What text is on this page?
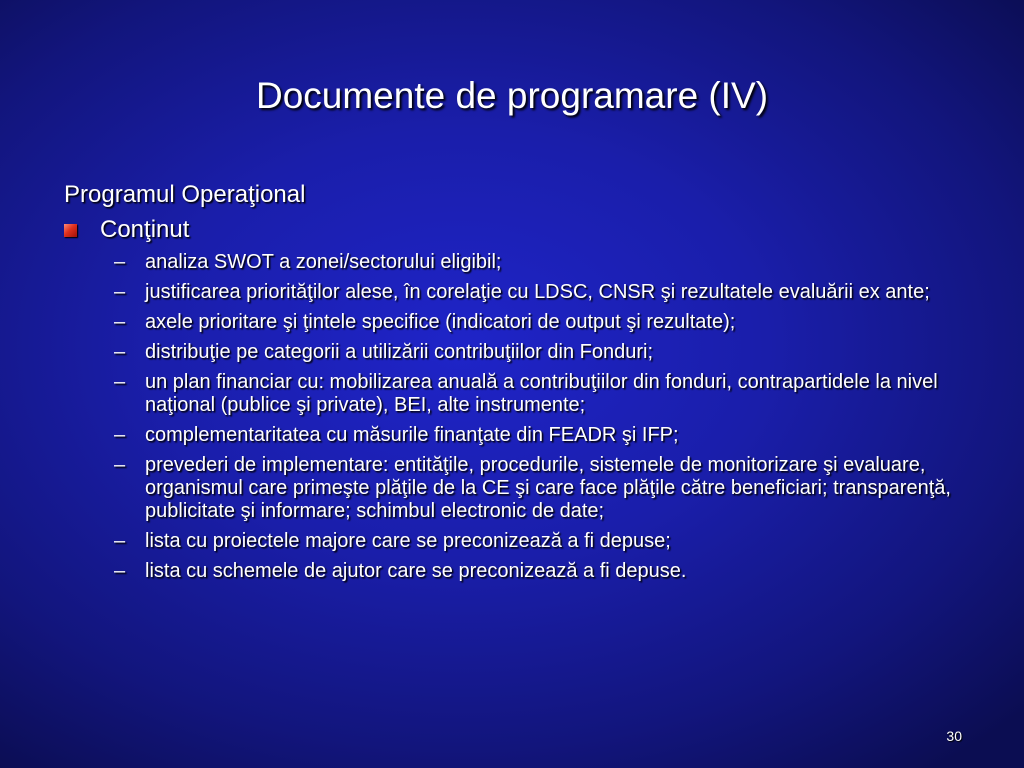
Documente de programare (IV)
Programul Operaţional
Conţinut
– analiza SWOT a zonei/sectorului eligibil;
– justificarea priorităţilor alese, în corelaţie cu LDSC, CNSR şi rezultatele evaluării ex ante;
– axele prioritare şi ţintele specifice (indicatori de output şi rezultate);
– distribuţie pe categorii a utilizării contribuţiilor din Fonduri;
– un plan financiar cu: mobilizarea anuală a contribuţiilor din fonduri, contrapartidele la nivel naţional (publice şi private), BEI, alte instrumente;
– complementaritatea cu măsurile finanţate din FEADR şi IFP;
– prevederi de implementare: entităţile, procedurile, sistemele de monitorizare şi evaluare, organismul care primeşte plăţile de la CE şi care face plăţile către beneficiari; transparenţă, publicitate şi informare; schimbul electronic de date;
– lista cu proiectele majore care se preconizează a fi depuse;
– lista cu schemele de ajutor care se preconizează a fi depuse.
30
